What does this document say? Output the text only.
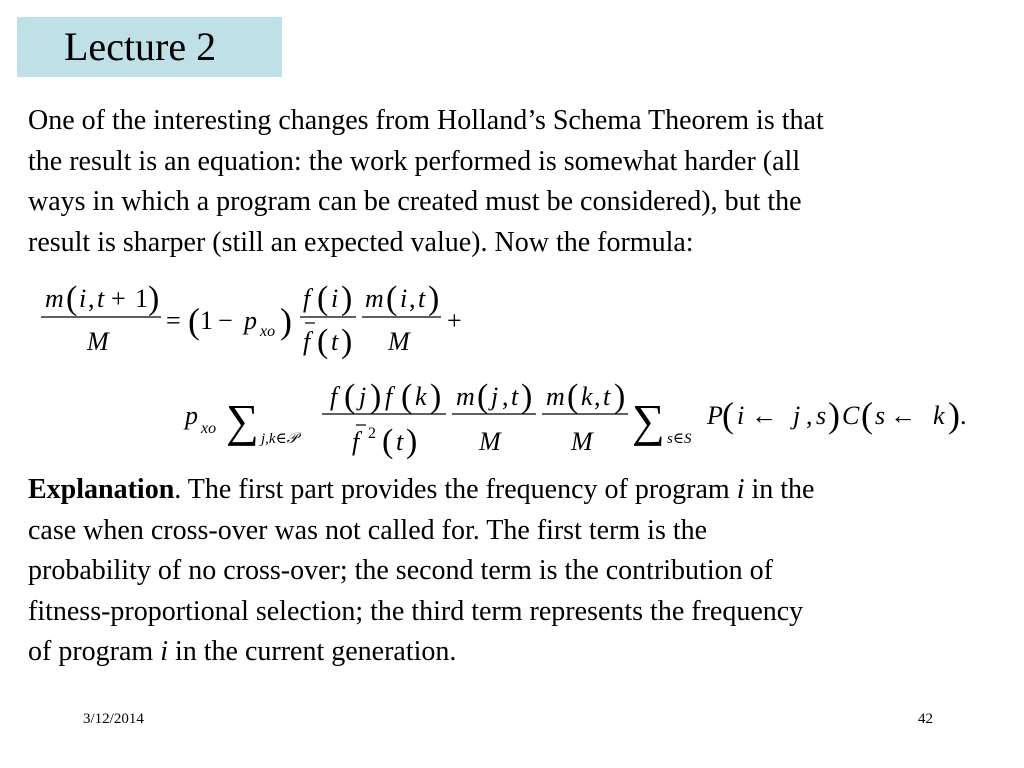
Lecture 2
One of the interesting changes from Holland’s Schema Theorem is that
the result is an equation: the work performed is somewhat harder (all
ways in which a program can be created must be considered), but the
result is sharper (still an expected value). Now the formula:
m ( i , t + 1 )
M
= ( 1 − p xo )
f ( i )
f ( t )
m ( i , t )
M
+
p xo ∑ j,k∈𝒫
f ( j ) f ( k )
f 2 ( t )
m ( j , t )
M
m ( k , t )
M ∑ s∈S
P ( i ← j , s ) C ( s ← k ) .
Explanation. The first part provides the frequency of program i in the
case when cross-over was not called for. The first term is the
probability of no cross-over; the second term is the contribution of
fitness-proportional selection; the third term represents the frequency
of program i in the current generation.
3/12/2014	42
